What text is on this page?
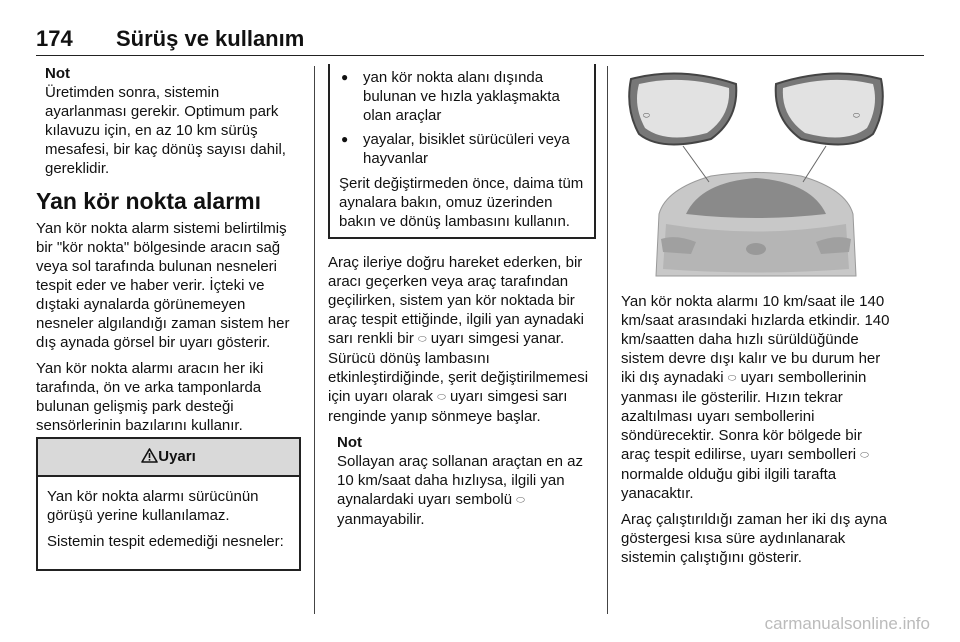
174 Sürüş ve kullanım
Not

Üretimden sonra, sistemin ayarlanması gerekir. Optimum park kılavuzu için, en az 10 km sürüş mesafesi, bir kaç dönüş sayısı dahil, gereklidir.

Yan kör nokta alarmı

Yan kör nokta alarm sistemi belirtilmiş bir "kör nokta" bölgesinde aracın sağ veya sol tarafında bulunan nesneleri tespit eder ve haber verir. İçteki ve dıştaki aynalarda görünemeyen nesneler algılandığı zaman sistem her dış aynada görsel bir uyarı gösterir.

Yan kör nokta alarmı aracın her iki tarafında, ön ve arka tamponlarda bulunan gelişmiş park desteği sensörlerinin bazılarını kullanır.

Uyarı

Yan kör nokta alarmı sürücünün görüşü yerine kullanılamaz.

Sistemin tespit edemediği nesneler:

● yan kör nokta alanı dışında bulunan ve hızla yaklaşmakta olan araçlar
● yayalar, bisiklet sürücüleri veya hayvanlar

Şerit değiştirmeden önce, daima tüm aynalara bakın, omuz üzerinden bakın ve dönüş lambasını kullanın.

Araç ileriye doğru hareket ederken, bir aracı geçerken veya araç tarafından geçilirken, sistem yan kör noktada bir araç tespit ettiğinde, ilgili yan aynadaki sarı renkli bir ⬭ uyarı simgesi yanar. Sürücü dönüş lambasını etkinleştirdiğinde, şerit değiştirilmemesi için uyarı olarak ⬭ uyarı simgesi sarı renginde yanıp sönmeye başlar.

Not

Sollayan araç sollanan araçtan en az 10 km/saat daha hızlıysa, ilgili yan aynalardaki uyarı sembolü ⬭ yanmayabilir.

⬭	⬭

Yan kör nokta alarmı 10 km/saat ile 140 km/saat arasındaki hızlarda etkindir. 140 km/saatten daha hızlı sürüldüğünde sistem devre dışı kalır ve bu durum her iki dış aynadaki ⬭ uyarı sembollerinin yanması ile gösterilir. Hızın tekrar azaltılması uyarı sembollerini söndürecektir. Sonra kör bölgede bir araç tespit edilirse, uyarı sembolleri ⬭ normalde olduğu gibi ilgili tarafta yanacaktır.

Araç çalıştırıldığı zaman her iki dış ayna göstergesi kısa süre aydınlanarak sistemin çalıştığını gösterir.

carmanualsonline.info
